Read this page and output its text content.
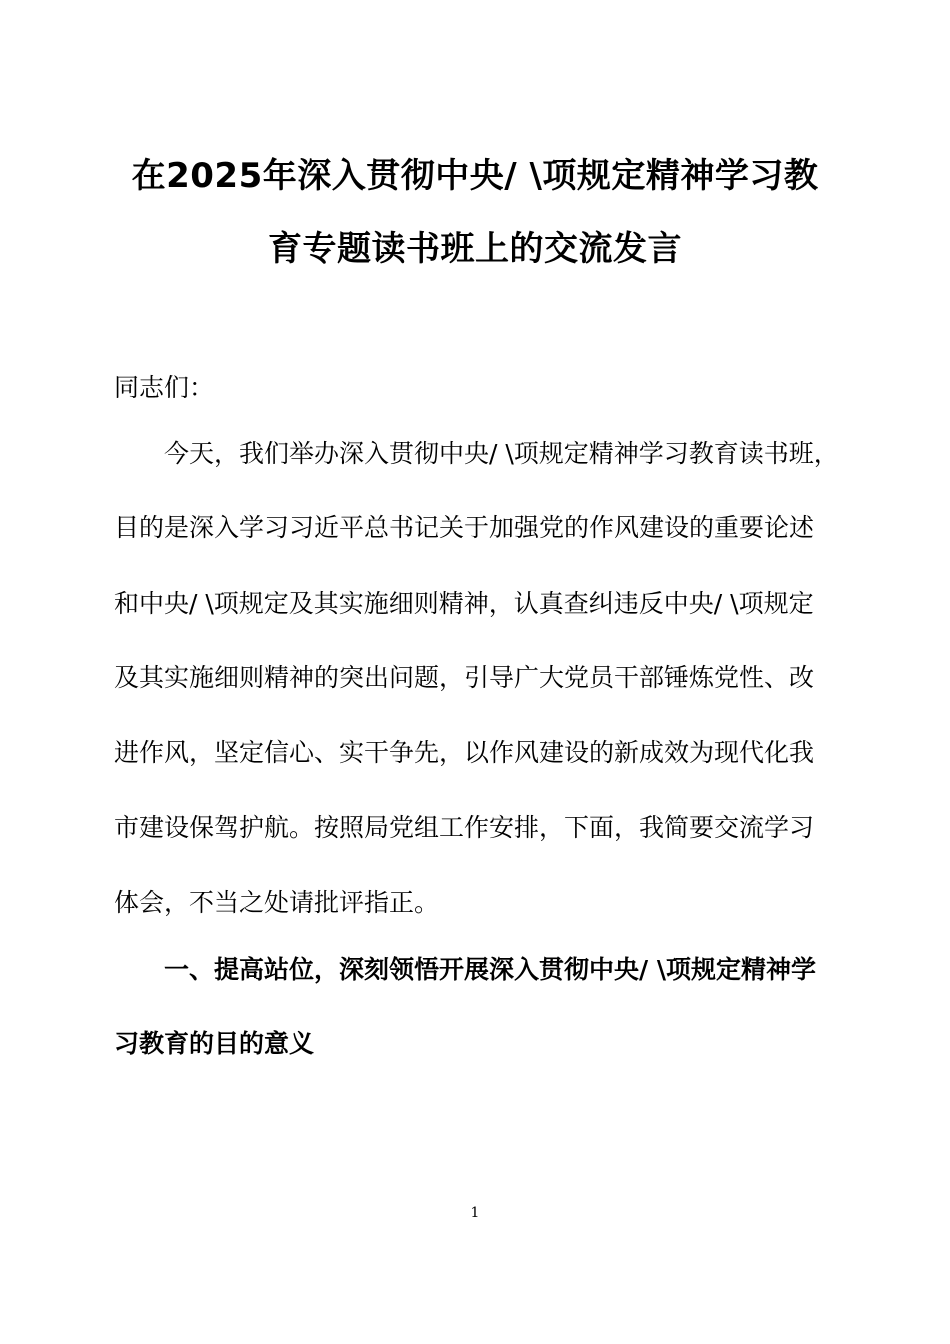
在2025年深入贯彻中央/ \项规定精神学习教
育专题读书班上的交流发言
同志们：
今天，我们举办深入贯彻中央/ \项规定精神学习教育读书班，
目的是深入学习习近平总书记关于加强党的作风建设的重要论述
和中央/ \项规定及其实施细则精神，认真查纠违反中央/ \项规定
及其实施细则精神的突出问题，引导广大党员干部锤炼党性、改
进作风，坚定信心、实干争先，以作风建设的新成效为现代化我
市建设保驾护航。按照局党组工作安排，下面，我简要交流学习
体会，不当之处请批评指正。
一、提高站位，深刻领悟开展深入贯彻中央/ \项规定精神学
习教育的目的意义
1
